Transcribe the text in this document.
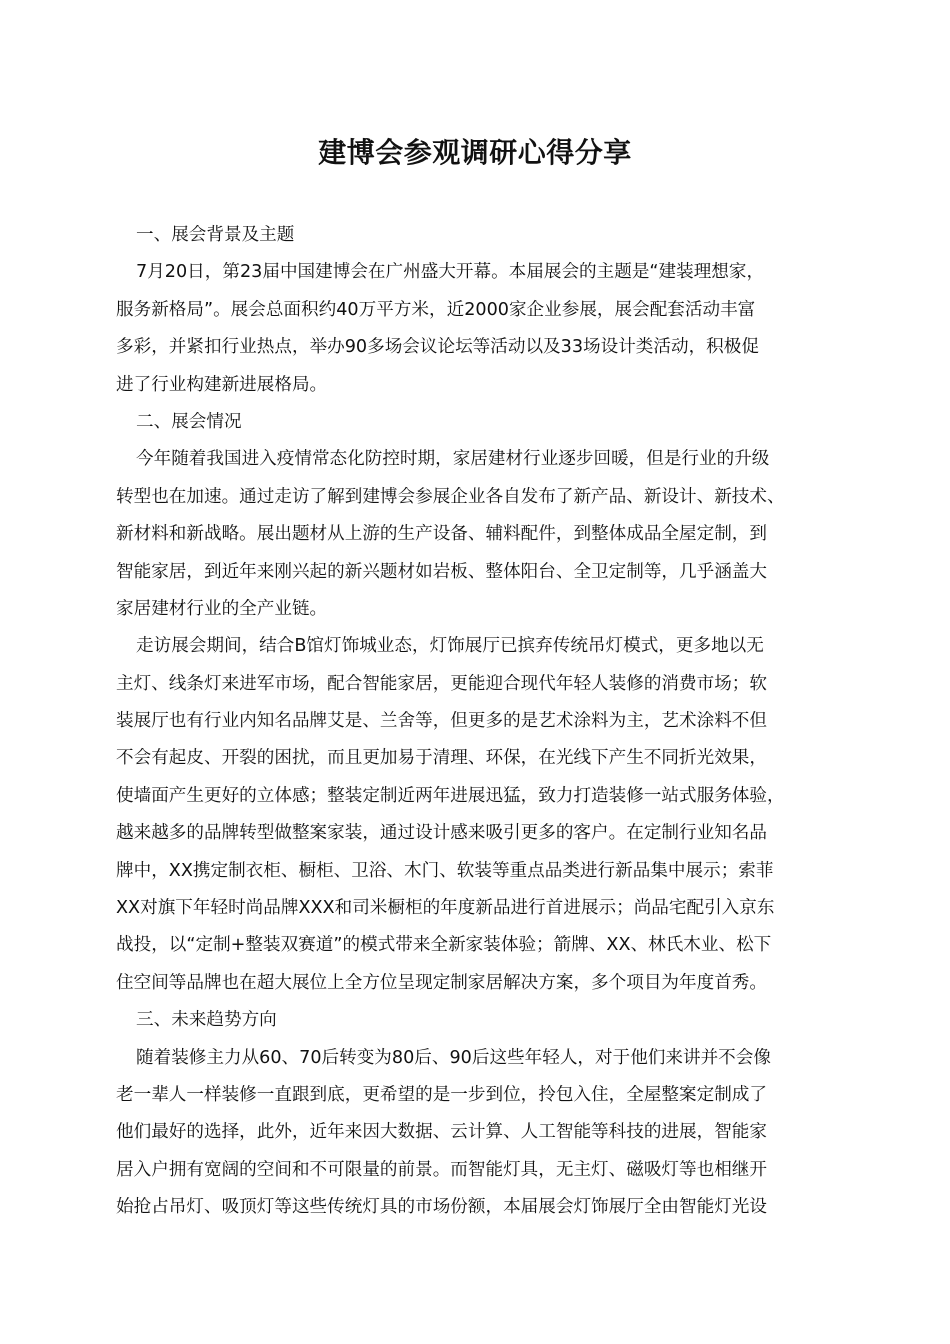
建博会参观调研心得分享
一、展会背景及主题
7月20日，第23届中国建博会在广州盛大开幕。本届展会的主题是“建装理想家，
服务新格局”。展会总面积约40万平方米，近2000家企业参展，展会配套活动丰富
多彩，并紧扣行业热点，举办90多场会议论坛等活动以及33场设计类活动，积极促
进了行业构建新进展格局。
二、展会情况
今年随着我国进入疫情常态化防控时期，家居建材行业逐步回暖，但是行业的升级
转型也在加速。通过走访了解到建博会参展企业各自发布了新产品、新设计、新技术、
新材料和新战略。展出题材从上游的生产设备、辅料配件，到整体成品全屋定制，到
智能家居，到近年来刚兴起的新兴题材如岩板、整体阳台、全卫定制等，几乎涵盖大
家居建材行业的全产业链。
走访展会期间，结合B馆灯饰城业态，灯饰展厅已摈弃传统吊灯模式，更多地以无
主灯、线条灯来进军市场，配合智能家居，更能迎合现代年轻人装修的消费市场；软
装展厅也有行业内知名品牌艾是、兰舍等，但更多的是艺术涂料为主，艺术涂料不但
不会有起皮、开裂的困扰，而且更加易于清理、环保，在光线下产生不同折光效果，
使墙面产生更好的立体感；整装定制近两年进展迅猛，致力打造装修一站式服务体验，
越来越多的品牌转型做整案家装，通过设计感来吸引更多的客户。在定制行业知名品
牌中，XX携定制衣柜、橱柜、卫浴、木门、软装等重点品类进行新品集中展示；索菲
XX对旗下年轻时尚品牌XXX和司米橱柜的年度新品进行首进展示；尚品宅配引入京东
战投，以“定制+整装双赛道”的模式带来全新家装体验；箭牌、XX、林氏木业、松下
住空间等品牌也在超大展位上全方位呈现定制家居解决方案，多个项目为年度首秀。
三、未来趋势方向
随着装修主力从60、70后转变为80后、90后这些年轻人，对于他们来讲并不会像
老一辈人一样装修一直跟到底，更希望的是一步到位，拎包入住，全屋整案定制成了
他们最好的选择，此外，近年来因大数据、云计算、人工智能等科技的进展，智能家
居入户拥有宽阔的空间和不可限量的前景。而智能灯具，无主灯、磁吸灯等也相继开
始抢占吊灯、吸顶灯等这些传统灯具的市场份额，本届展会灯饰展厅全由智能灯光设
